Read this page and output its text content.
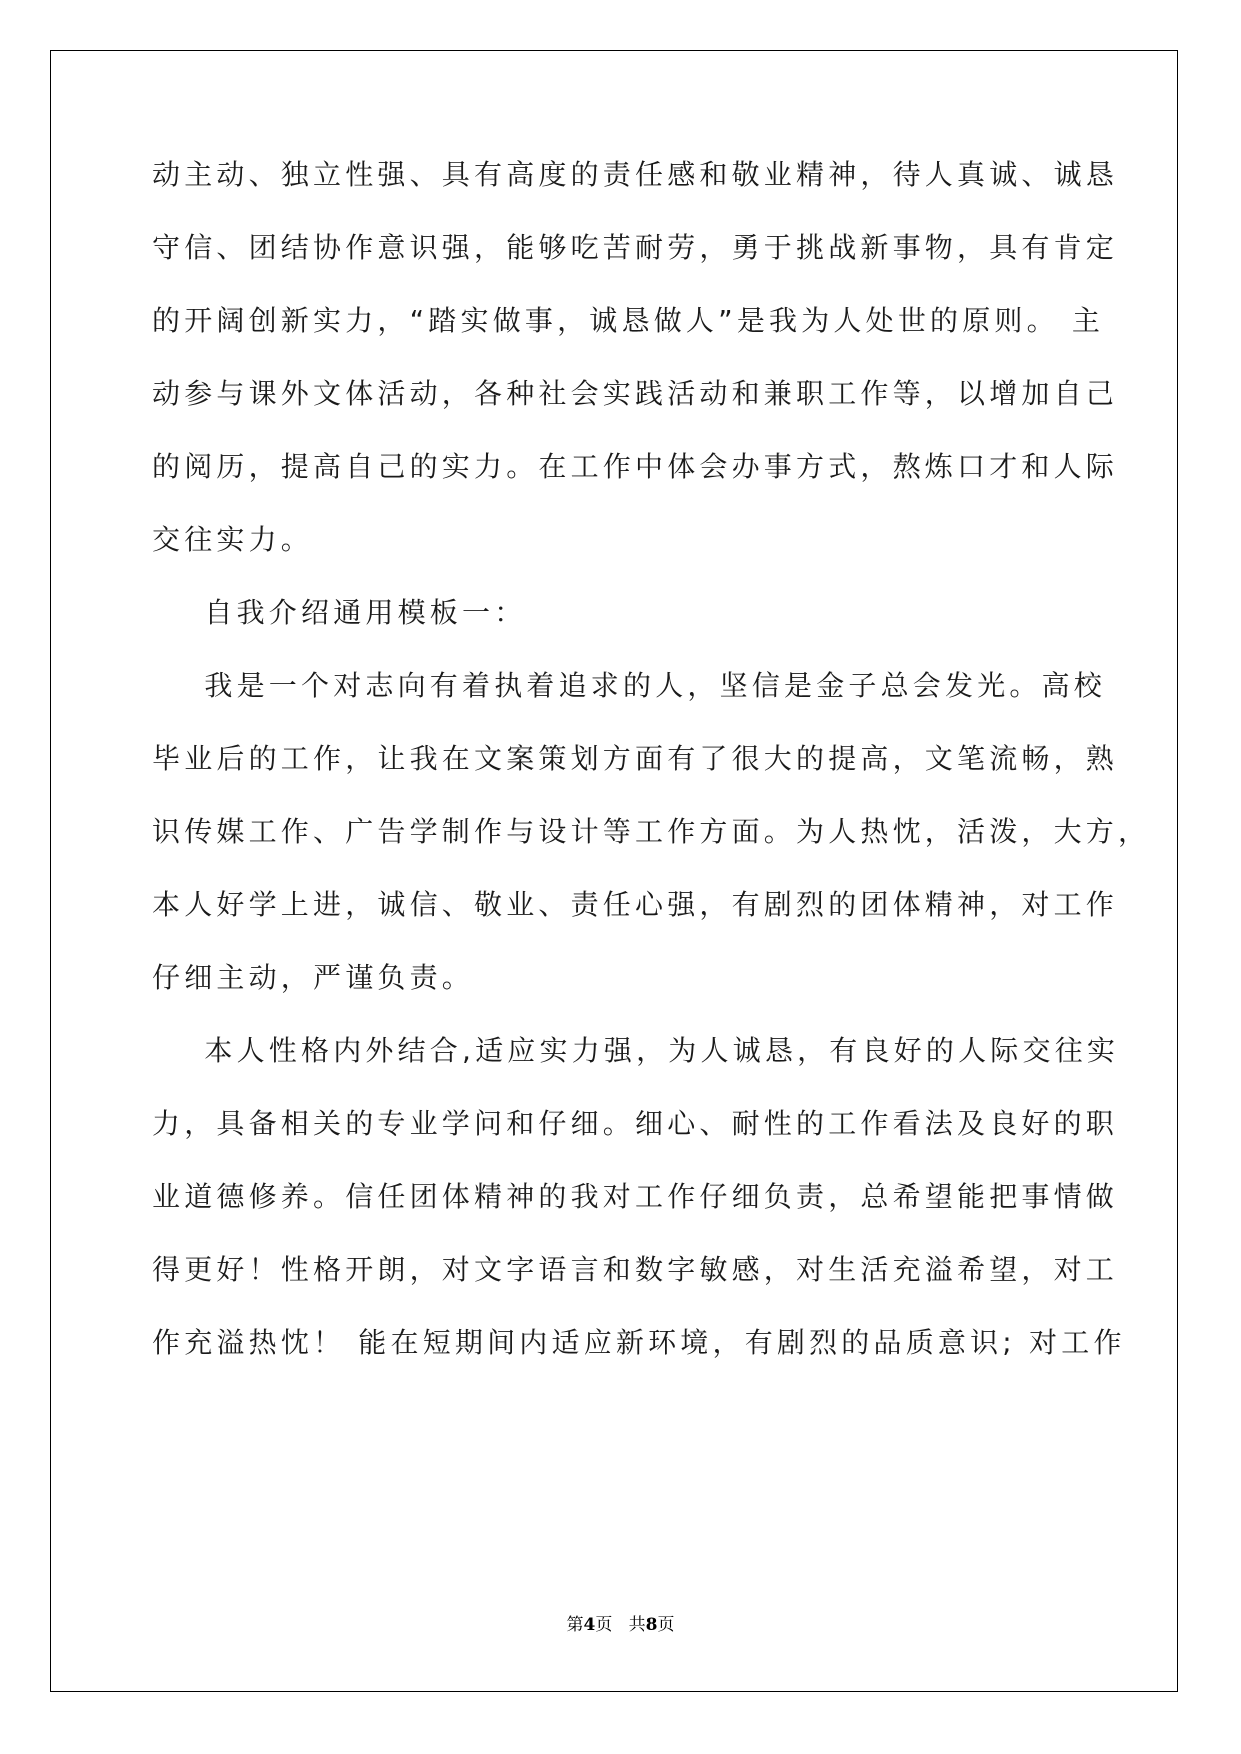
动主动、独立性强、具有高度的责任感和敬业精神，待人真诚、诚恳
守信、团结协作意识强，能够吃苦耐劳，勇于挑战新事物，具有肯定
的开阔创新实力，“踏实做事，诚恳做人”是我为人处世的原则。 主
动参与课外文体活动，各种社会实践活动和兼职工作等，以增加自己
的阅历，提高自己的实力。在工作中体会办事方式，熬炼口才和人际
交往实力。
自我介绍通用模板一：
我是一个对志向有着执着追求的人，坚信是金子总会发光。高校
毕业后的工作，让我在文案策划方面有了很大的提高，文笔流畅，熟
识传媒工作、广告学制作与设计等工作方面。为人热忱，活泼，大方，
本人好学上进，诚信、敬业、责任心强，有剧烈的团体精神，对工作
仔细主动，严谨负责。
本人性格内外结合,适应实力强，为人诚恳，有良好的人际交往实
力，具备相关的专业学问和仔细。细心、耐性的工作看法及良好的职
业道德修养。信任团体精神的我对工作仔细负责，总希望能把事情做
得更好！性格开朗，对文字语言和数字敏感，对生活充溢希望，对工
作充溢热忱！ 能在短期间内适应新环境，有剧烈的品质意识; 对工作
第4页   共8页
